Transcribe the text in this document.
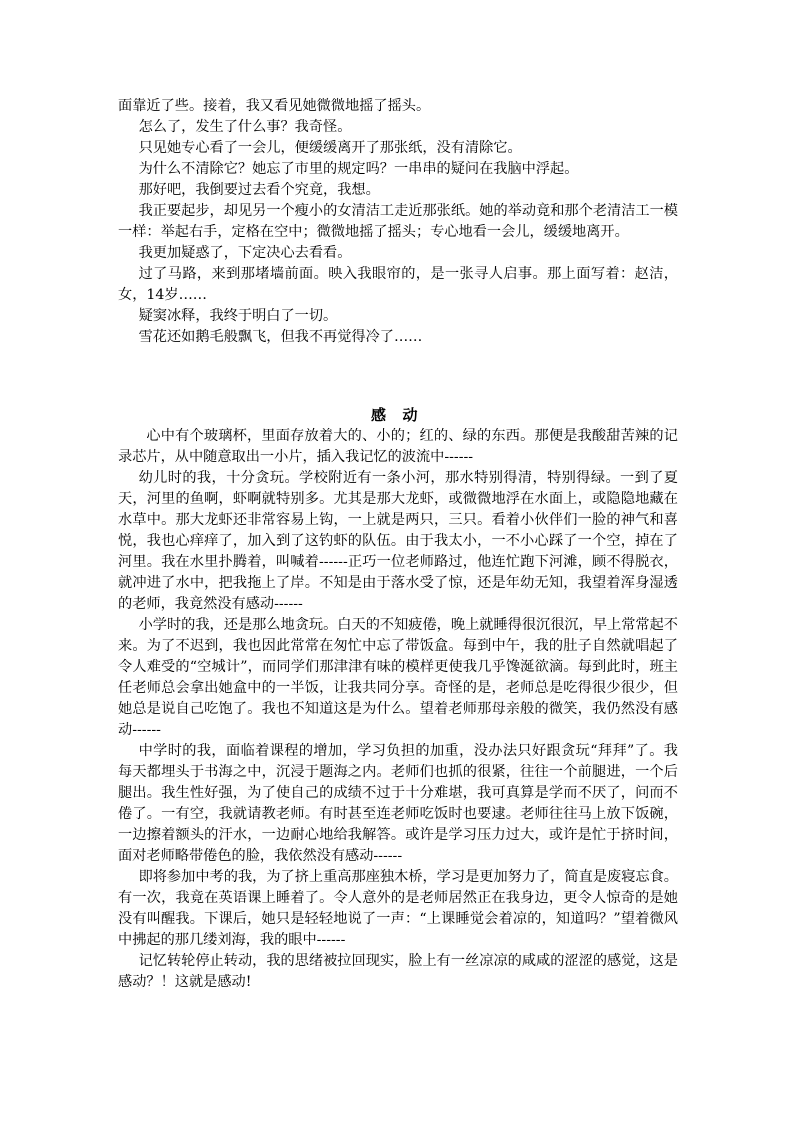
面靠近了些。接着，我又看见她微微地摇了摇头。

怎么了，发生了什么事？我奇怪。

只见她专心看了一会儿，便缓缓离开了那张纸，没有清除它。

为什么不清除它？她忘了市里的规定吗？一串串的疑问在我脑中浮起。

那好吧，我倒要过去看个究竟，我想。

我正要起步，却见另一个瘦小的女清洁工走近那张纸。她的举动竟和那个老清洁工一模一样：举起右手，定格在空中；微微地摇了摇头；专心地看一会儿，缓缓地离开。

我更加疑惑了，下定决心去看看。

过了马路，来到那堵墙前面。映入我眼帘的，是一张寻人启事。那上面写着：赵洁，女，14岁……

疑窦冰释，我终于明白了一切。

雪花还如鹅毛般飘飞，但我不再觉得冷了……

感动

心中有个玻璃杯，里面存放着大的、小的；红的、绿的东西。那便是我酸甜苦辣的记录芯片，从中随意取出一小片，插入我记忆的波流中------

幼儿时的我，十分贪玩。学校附近有一条小河，那水特别得清，特别得绿。一到了夏天，河里的鱼啊，虾啊就特别多。尤其是那大龙虾，或微微地浮在水面上，或隐隐地藏在水草中。那大龙虾还非常容易上钩，一上就是两只，三只。看着小伙伴们一脸的神气和喜悦，我也心痒痒了，加入到了这钓虾的队伍。由于我太小，一不小心踩了一个空，掉在了河里。我在水里扑腾着，叫喊着------正巧一位老师路过，他连忙跑下河滩，顾不得脱衣，就冲进了水中，把我拖上了岸。不知是由于落水受了惊，还是年幼无知，我望着浑身湿透的老师，我竟然没有感动------

小学时的我，还是那么地贪玩。白天的不知疲倦，晚上就睡得很沉很沉，早上常常起不来。为了不迟到，我也因此常常在匆忙中忘了带饭盒。每到中午，我的肚子自然就唱起了令人难受的“空城计”，而同学们那津津有味的模样更使我几乎馋涎欲滴。每到此时，班主任老师总会拿出她盒中的一半饭，让我共同分享。奇怪的是，老师总是吃得很少很少，但她总是说自己吃饱了。我也不知道这是为什么。望着老师那母亲般的微笑，我仍然没有感动------

中学时的我，面临着课程的增加，学习负担的加重，没办法只好跟贪玩“拜拜”了。我每天都埋头于书海之中，沉浸于题海之内。老师们也抓的很紧，往往一个前腿进，一个后腿出。我生性好强，为了使自己的成绩不过于十分难堪，我可真算是学而不厌了，问而不倦了。一有空，我就请教老师。有时甚至连老师吃饭时也要逮。老师往往马上放下饭碗，一边擦着额头的汗水，一边耐心地给我解答。或许是学习压力过大，或许是忙于挤时间，面对老师略带倦色的脸，我依然没有感动------

即将参加中考的我，为了挤上重高那座独木桥，学习是更加努力了，简直是废寝忘食。有一次，我竟在英语课上睡着了。令人意外的是老师居然正在我身边，更令人惊奇的是她没有叫醒我。下课后，她只是轻轻地说了一声：“上课睡觉会着凉的，知道吗？”望着微风中拂起的那几缕刘海，我的眼中------

记忆转轮停止转动，我的思绪被拉回现实，脸上有一丝凉凉的咸咸的涩涩的感觉，这是感动？！这就是感动!
